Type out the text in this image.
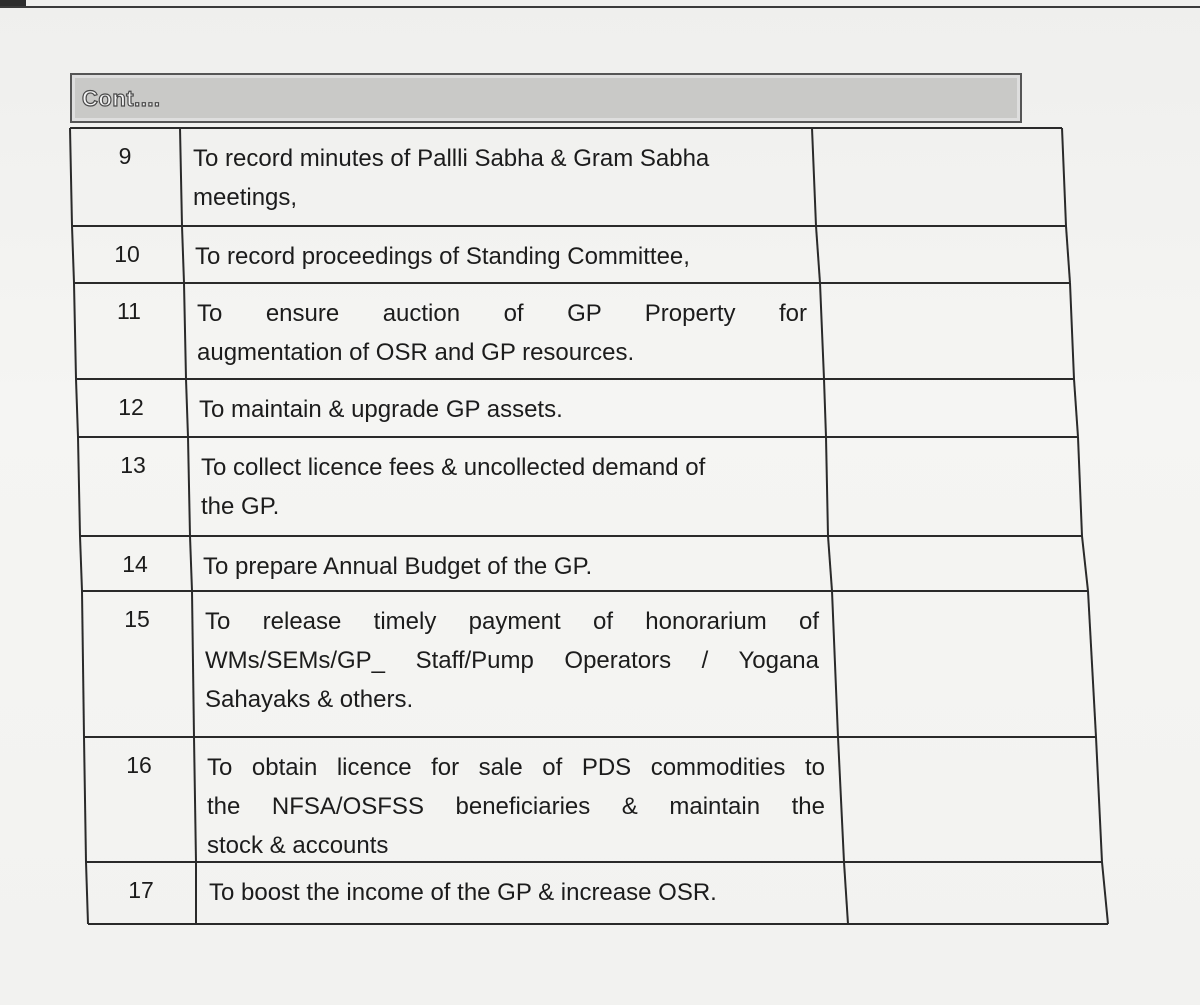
Cont....
9	To record minutes of Pallli Sabha & Gram Sabha
meetings,
10	To record proceedings of Standing Committee,
11	To ensure auction of GP Property for
augmentation of OSR and GP resources.
12	To maintain & upgrade GP assets.
13	To collect licence fees & uncollected demand of
the GP.
14	To prepare Annual Budget of the GP.
15	To release timely payment of honorarium of
WMs/SEMs/GP_ Staff/Pump Operators / Yogana
Sahayaks & others.
16	To obtain licence for sale of PDS commodities to
the NFSA/OSFSS beneficiaries & maintain the
stock & accounts
17	To boost the income of the GP & increase OSR.
